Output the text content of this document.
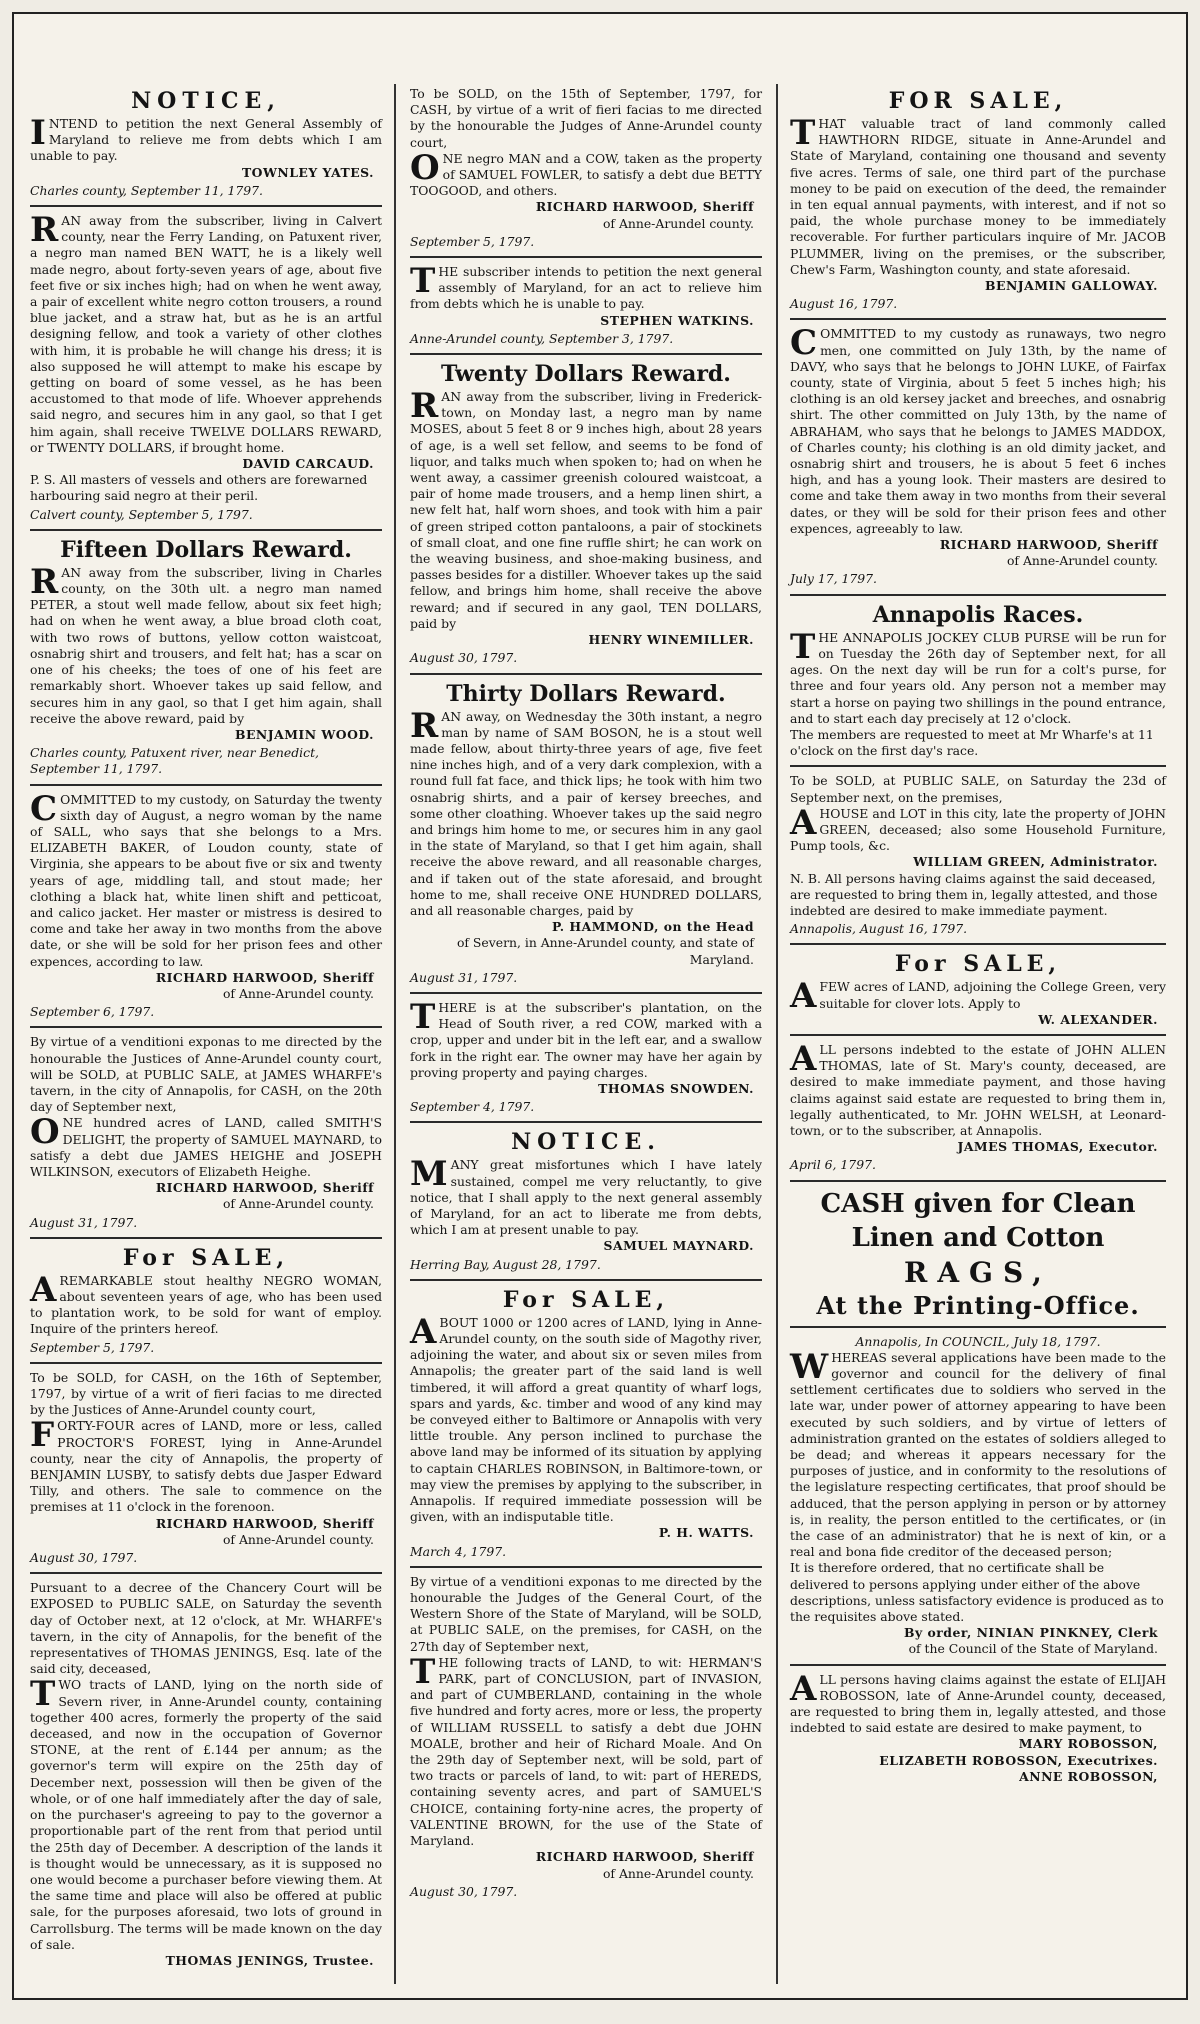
NOTICE,

INTEND to petition the next General Assembly of Maryland to relieve me from debts which I am unable to pay.

TOWNLEY YATES.

Charles county, September 11, 1797.

RAN away from the subscriber, living in Calvert county, near the Ferry Landing, on Patuxent river, a negro man named BEN WATT, he is a likely well made negro, about forty-seven years of age, about five feet five or six inches high; had on when he went away, a pair of excellent white negro cotton trousers, a round blue jacket, and a straw hat, but as he is an artful designing fellow, and took a variety of other clothes with him, it is probable he will change his dress; it is also supposed he will attempt to make his escape by getting on board of some vessel, as he has been accustomed to that mode of life. Whoever apprehends said negro, and secures him in any gaol, so that I get him again, shall receive TWELVE DOLLARS REWARD, or TWENTY DOLLARS, if brought home.

DAVID CARCAUD.

P. S. All masters of vessels and others are forewarned harbouring said negro at their peril.

Calvert county, September 5, 1797.

Fifteen Dollars Reward.

RAN away from the subscriber, living in Charles county, on the 30th ult. a negro man named PETER, a stout well made fellow, about six feet high; had on when he went away, a blue broad cloth coat, with two rows of buttons, yellow cotton waistcoat, osnabrig shirt and trousers, and felt hat; has a scar on one of his cheeks; the toes of one of his feet are remarkably short. Whoever takes up said fellow, and secures him in any gaol, so that I get him again, shall receive the above reward, paid by

BENJAMIN WOOD.

Charles county, Patuxent river, near Benedict, September 11, 1797.

COMMITTED to my custody, on Saturday the twenty sixth day of August, a negro woman by the name of SALL, who says that she belongs to a Mrs. ELIZABETH BAKER, of Loudon county, state of Virginia, she appears to be about five or six and twenty years of age, middling tall, and stout made; her clothing a black hat, white linen shift and petticoat, and calico jacket. Her master or mistress is desired to come and take her away in two months from the above date, or she will be sold for her prison fees and other expences, according to law.

RICHARD HARWOOD, Sheriff

of Anne-Arundel county.

September 6, 1797.

By virtue of a venditioni exponas to me directed by the honourable the Justices of Anne-Arundel county court, will be SOLD, at PUBLIC SALE, at JAMES WHARFE's tavern, in the city of Annapolis, for CASH, on the 20th day of September next,

ONE hundred acres of LAND, called SMITH'S DELIGHT, the property of SAMUEL MAYNARD, to satisfy a debt due JAMES HEIGHE and JOSEPH WILKINSON, executors of Elizabeth Heighe.

RICHARD HARWOOD, Sheriff

of Anne-Arundel county.

August 31, 1797.

For SALE,

AREMARKABLE stout healthy NEGRO WOMAN, about seventeen years of age, who has been used to plantation work, to be sold for want of employ. Inquire of the printers hereof.

September 5, 1797.

To be SOLD, for CASH, on the 16th of September, 1797, by virtue of a writ of fieri facias to me directed by the Justices of Anne-Arundel county court,

FORTY-FOUR acres of LAND, more or less, called PROCTOR'S FOREST, lying in Anne-Arundel county, near the city of Annapolis, the property of BENJAMIN LUSBY, to satisfy debts due Jasper Edward Tilly, and others. The sale to commence on the premises at 11 o'clock in the forenoon.

RICHARD HARWOOD, Sheriff

of Anne-Arundel county.

August 30, 1797.

Pursuant to a decree of the Chancery Court will be EXPOSED to PUBLIC SALE, on Saturday the seventh day of October next, at 12 o'clock, at Mr. WHARFE's tavern, in the city of Annapolis, for the benefit of the representatives of THOMAS JENINGS, Esq. late of the said city, deceased,

TWO tracts of LAND, lying on the north side of Severn river, in Anne-Arundel county, containing together 400 acres, formerly the property of the said deceased, and now in the occupation of Governor STONE, at the rent of £.144 per annum; as the governor's term will expire on the 25th day of December next, possession will then be given of the whole, or of one half immediately after the day of sale, on the purchaser's agreeing to pay to the governor a proportionable part of the rent from that period until the 25th day of December. A description of the lands it is thought would be unnecessary, as it is supposed no one would become a purchaser before viewing them. At the same time and place will also be offered at public sale, for the purposes aforesaid, two lots of ground in Carrollsburg. The terms will be made known on the day of sale.

THOMAS JENINGS, Trustee.

To be SOLD, on the 15th of September, 1797, for CASH, by virtue of a writ of fieri facias to me directed by the honourable the Judges of Anne-Arundel county court,

ONE negro MAN and a COW, taken as the property of SAMUEL FOWLER, to satisfy a debt due BETTY TOOGOOD, and others.

RICHARD HARWOOD, Sheriff

of Anne-Arundel county.

September 5, 1797.

THE subscriber intends to petition the next general assembly of Maryland, for an act to relieve him from debts which he is unable to pay.

STEPHEN WATKINS.

Anne-Arundel county, September 3, 1797.

Twenty Dollars Reward.

RAN away from the subscriber, living in Frederick-town, on Monday last, a negro man by name MOSES, about 5 feet 8 or 9 inches high, about 28 years of age, is a well set fellow, and seems to be fond of liquor, and talks much when spoken to; had on when he went away, a cassimer greenish coloured waistcoat, a pair of home made trousers, and a hemp linen shirt, a new felt hat, half worn shoes, and took with him a pair of green striped cotton pantaloons, a pair of stockinets of small cloat, and one fine ruffle shirt; he can work on the weaving business, and shoe-making business, and passes besides for a distiller. Whoever takes up the said fellow, and brings him home, shall receive the above reward; and if secured in any gaol, TEN DOLLARS, paid by

HENRY WINEMILLER.

August 30, 1797.

Thirty Dollars Reward.

RAN away, on Wednesday the 30th instant, a negro man by name of SAM BOSON, he is a stout well made fellow, about thirty-three years of age, five feet nine inches high, and of a very dark complexion, with a round full fat face, and thick lips; he took with him two osnabrig shirts, and a pair of kersey breeches, and some other cloathing. Whoever takes up the said negro and brings him home to me, or secures him in any gaol in the state of Maryland, so that I get him again, shall receive the above reward, and all reasonable charges, and if taken out of the state aforesaid, and brought home to me, shall receive ONE HUNDRED DOLLARS, and all reasonable charges, paid by

P. HAMMOND, on the Head

of Severn, in Anne-Arundel county, and state of Maryland.

August 31, 1797.

THERE is at the subscriber's plantation, on the Head of South river, a red COW, marked with a crop, upper and under bit in the left ear, and a swallow fork in the right ear. The owner may have her again by proving property and paying charges.

THOMAS SNOWDEN.

September 4, 1797.

NOTICE.

MANY great misfortunes which I have lately sustained, compel me very reluctantly, to give notice, that I shall apply to the next general assembly of Maryland, for an act to liberate me from debts, which I am at present unable to pay.

SAMUEL MAYNARD.

Herring Bay, August 28, 1797.

For SALE,

ABOUT 1000 or 1200 acres of LAND, lying in Anne-Arundel county, on the south side of Magothy river, adjoining the water, and about six or seven miles from Annapolis; the greater part of the said land is well timbered, it will afford a great quantity of wharf logs, spars and yards, &c. timber and wood of any kind may be conveyed either to Baltimore or Annapolis with very little trouble. Any person inclined to purchase the above land may be informed of its situation by applying to captain CHARLES ROBINSON, in Baltimore-town, or may view the premises by applying to the subscriber, in Annapolis. If required immediate possession will be given, with an indisputable title.

P. H. WATTS.

March 4, 1797.

By virtue of a venditioni exponas to me directed by the honourable the Judges of the General Court, of the Western Shore of the State of Maryland, will be SOLD, at PUBLIC SALE, on the premises, for CASH, on the 27th day of September next,

THE following tracts of LAND, to wit: HERMAN'S PARK, part of CONCLUSION, part of INVASION, and part of CUMBERLAND, containing in the whole five hundred and forty acres, more or less, the property of WILLIAM RUSSELL to satisfy a debt due JOHN MOALE, brother and heir of Richard Moale. And On the 29th day of September next, will be sold, part of two tracts or parcels of land, to wit: part of HEREDS, containing seventy acres, and part of SAMUEL'S CHOICE, containing forty-nine acres, the property of VALENTINE BROWN, for the use of the State of Maryland.

RICHARD HARWOOD, Sheriff

of Anne-Arundel county.

August 30, 1797.

FOR SALE,

THAT valuable tract of land commonly called HAWTHORN RIDGE, situate in Anne-Arundel and State of Maryland, containing one thousand and seventy five acres. Terms of sale, one third part of the purchase money to be paid on execution of the deed, the remainder in ten equal annual payments, with interest, and if not so paid, the whole purchase money to be immediately recoverable. For further particulars inquire of Mr. JACOB PLUMMER, living on the premises, or the subscriber, Chew's Farm, Washington county, and state aforesaid.

BENJAMIN GALLOWAY.

August 16, 1797.

COMMITTED to my custody as runaways, two negro men, one committed on July 13th, by the name of DAVY, who says that he belongs to JOHN LUKE, of Fairfax county, state of Virginia, about 5 feet 5 inches high; his clothing is an old kersey jacket and breeches, and osnabrig shirt. The other committed on July 13th, by the name of ABRAHAM, who says that he belongs to JAMES MADDOX, of Charles county; his clothing is an old dimity jacket, and osnabrig shirt and trousers, he is about 5 feet 6 inches high, and has a young look. Their masters are desired to come and take them away in two months from their several dates, or they will be sold for their prison fees and other expences, agreeably to law.

RICHARD HARWOOD, Sheriff

of Anne-Arundel county.

July 17, 1797.

Annapolis Races.

THE ANNAPOLIS JOCKEY CLUB PURSE will be run for on Tuesday the 26th day of September next, for all ages. On the next day will be run for a colt's purse, for three and four years old. Any person not a member may start a horse on paying two shillings in the pound entrance, and to start each day precisely at 12 o'clock.

The members are requested to meet at Mr Wharfe's at 11 o'clock on the first day's race.

To be SOLD, at PUBLIC SALE, on Saturday the 23d of September next, on the premises,

AHOUSE and LOT in this city, late the property of JOHN GREEN, deceased; also some Household Furniture, Pump tools, &c.

WILLIAM GREEN, Administrator.

N. B. All persons having claims against the said deceased, are requested to bring them in, legally attested, and those indebted are desired to make immediate payment.

Annapolis, August 16, 1797.

For SALE,

AFEW acres of LAND, adjoining the College Green, very suitable for clover lots. Apply to

W. ALEXANDER.

ALL persons indebted to the estate of JOHN ALLEN THOMAS, late of St. Mary's county, deceased, are desired to make immediate payment, and those having claims against said estate are requested to bring them in, legally authenticated, to Mr. JOHN WELSH, at Leonard-town, or to the subscriber, at Annapolis.

JAMES THOMAS, Executor.

April 6, 1797.

CASH given for Clean
Linen and Cotton
RAGS,
At the Printing-Office.

Annapolis, In COUNCIL, July 18, 1797.

WHEREAS several applications have been made to the governor and council for the delivery of final settlement certificates due to soldiers who served in the late war, under power of attorney appearing to have been executed by such soldiers, and by virtue of letters of administration granted on the estates of soldiers alleged to be dead; and whereas it appears necessary for the purposes of justice, and in conformity to the resolutions of the legislature respecting certificates, that proof should be adduced, that the person applying in person or by attorney is, in reality, the person entitled to the certificates, or (in the case of an administrator) that he is next of kin, or a real and bona fide creditor of the deceased person;

It is therefore ordered, that no certificate shall be delivered to persons applying under either of the above descriptions, unless satisfactory evidence is produced as to the requisites above stated.

By order, NINIAN PINKNEY, Clerk

of the Council of the State of Maryland.

ALL persons having claims against the estate of ELIJAH ROBOSSON, late of Anne-Arundel county, deceased, are requested to bring them in, legally attested, and those indebted to said estate are desired to make payment, to

MARY ROBOSSON,

ELIZABETH ROBOSSON, Executrixes.

ANNE ROBOSSON,
